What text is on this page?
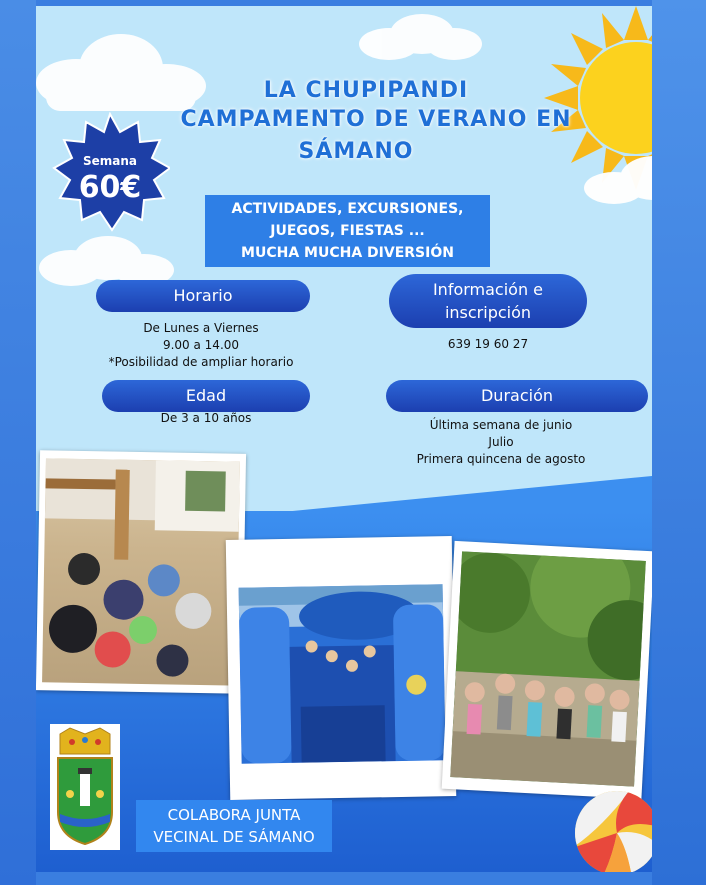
LA CHUPIPANDI
CAMPAMENTO DE VERANO EN
SÁMANO
Semana
60€
ACTIVIDADES, EXCURSIONES,
JUEGOS, FIESTAS ...
MUCHA MUCHA DIVERSIÓN
Horario
De Lunes a Viernes
9.00 a 14.00
*Posibilidad de ampliar horario
Información e
inscripción
639 19 60 27
Edad
De 3 a 10 años
Duración
Última semana de junio
Julio
Primera quincena de agosto
COLABORA JUNTA
VECINAL DE SÁMANO
